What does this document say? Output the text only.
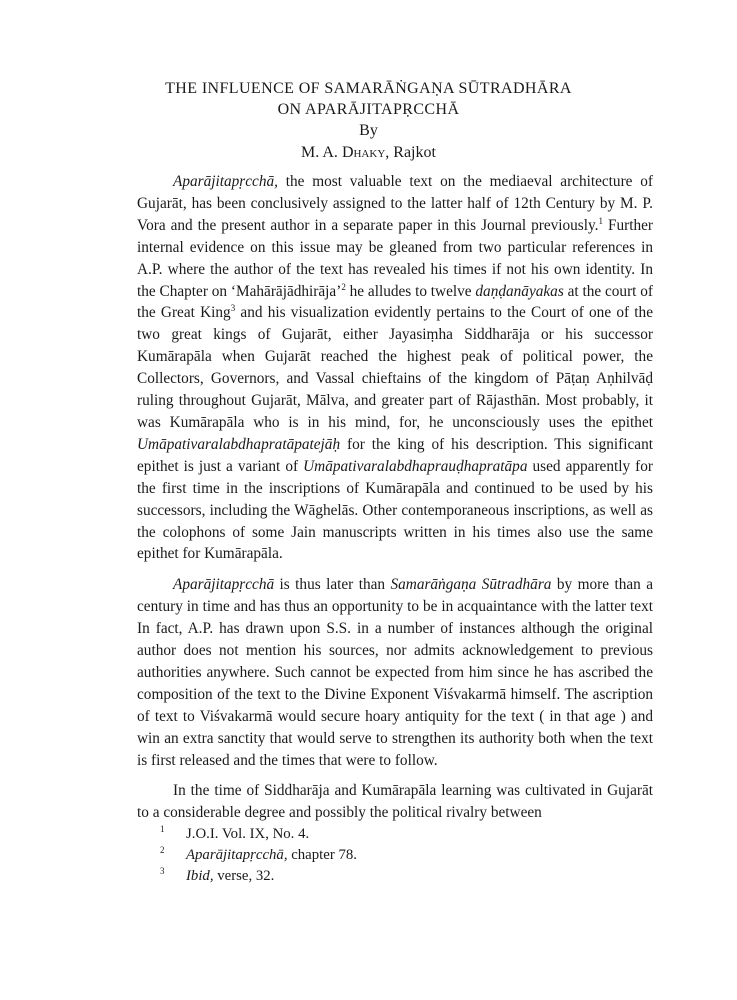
THE INFLUENCE OF SAMARĀṄGAṆA SŪTRADHĀRA
ON APARĀJITAPṚCCHĀ
By
M. A. Dhaky, Rajkot

Aparājitapṛcchā, the most valuable text on the mediaeval architecture of Gujarāt, has been conclusively assigned to the latter half of 12th Century by M. P. Vora and the present author in a separate paper in this Journal previously.$^1$ Further internal evidence on this issue may be gleaned from two particular references in A.P. where the author of the text has revealed his times if not his own identity. In the Chapter on ‘Mahārājādhirāja’$^2$ he alludes to twelve daṇḍanāyakas at the court of the Great King$^3$ and his visualization evidently pertains to the Court of one of the two great kings of Gujarāt, either Jayasiṃha Siddharāja or his successor Kumārapāla when Gujarāt reached the highest peak of political power, the Collectors, Governors, and Vassal chieftains of the kingdom of Pāṭaṇ Aṇhilvāḍ ruling throughout Gujarāt, Mālva, and greater part of Rājasthān. Most probably, it was Kumārapāla who is in his mind, for, he unconsciously uses the epithet Umāpativaralabdhapratāpatejāḥ for the king of his description. This significant epithet is just a variant of Umāpativaralabdhaprauḍhapratāpa used apparently for the first time in the inscriptions of Kumārapāla and continued to be used by his successors, including the Wāghelās. Other contemporaneous inscriptions, as well as the colophons of some Jain manuscripts written in his times also use the same epithet for Kumārapāla.

Aparājitapṛcchā is thus later than Samarāṅgaṇa Sūtradhāra by more than a century in time and has thus an opportunity to be in acquaintance with the latter text In fact, A.P. has drawn upon S.S. in a number of instances although the original author does not mention his sources, nor admits acknowledgement to previous authorities anywhere. Such cannot be expected from him since he has ascribed the composition of the text to the Divine Exponent Viśvakarmā himself. The ascription of text to Viśvakarmā would secure hoary antiquity for the text ( in that age ) and win an extra sanctity that would serve to strengthen its authority both when the text is first released and the times that were to follow.

In the time of Siddharāja and Kumārapāla learning was cultivated in Gujarāt to a considerable degree and possibly the political rivalry between

1 J.O.I. Vol. IX, No. 4.
2 Aparājitapṛcchā, chapter 78.
3 Ibid, verse, 32.
